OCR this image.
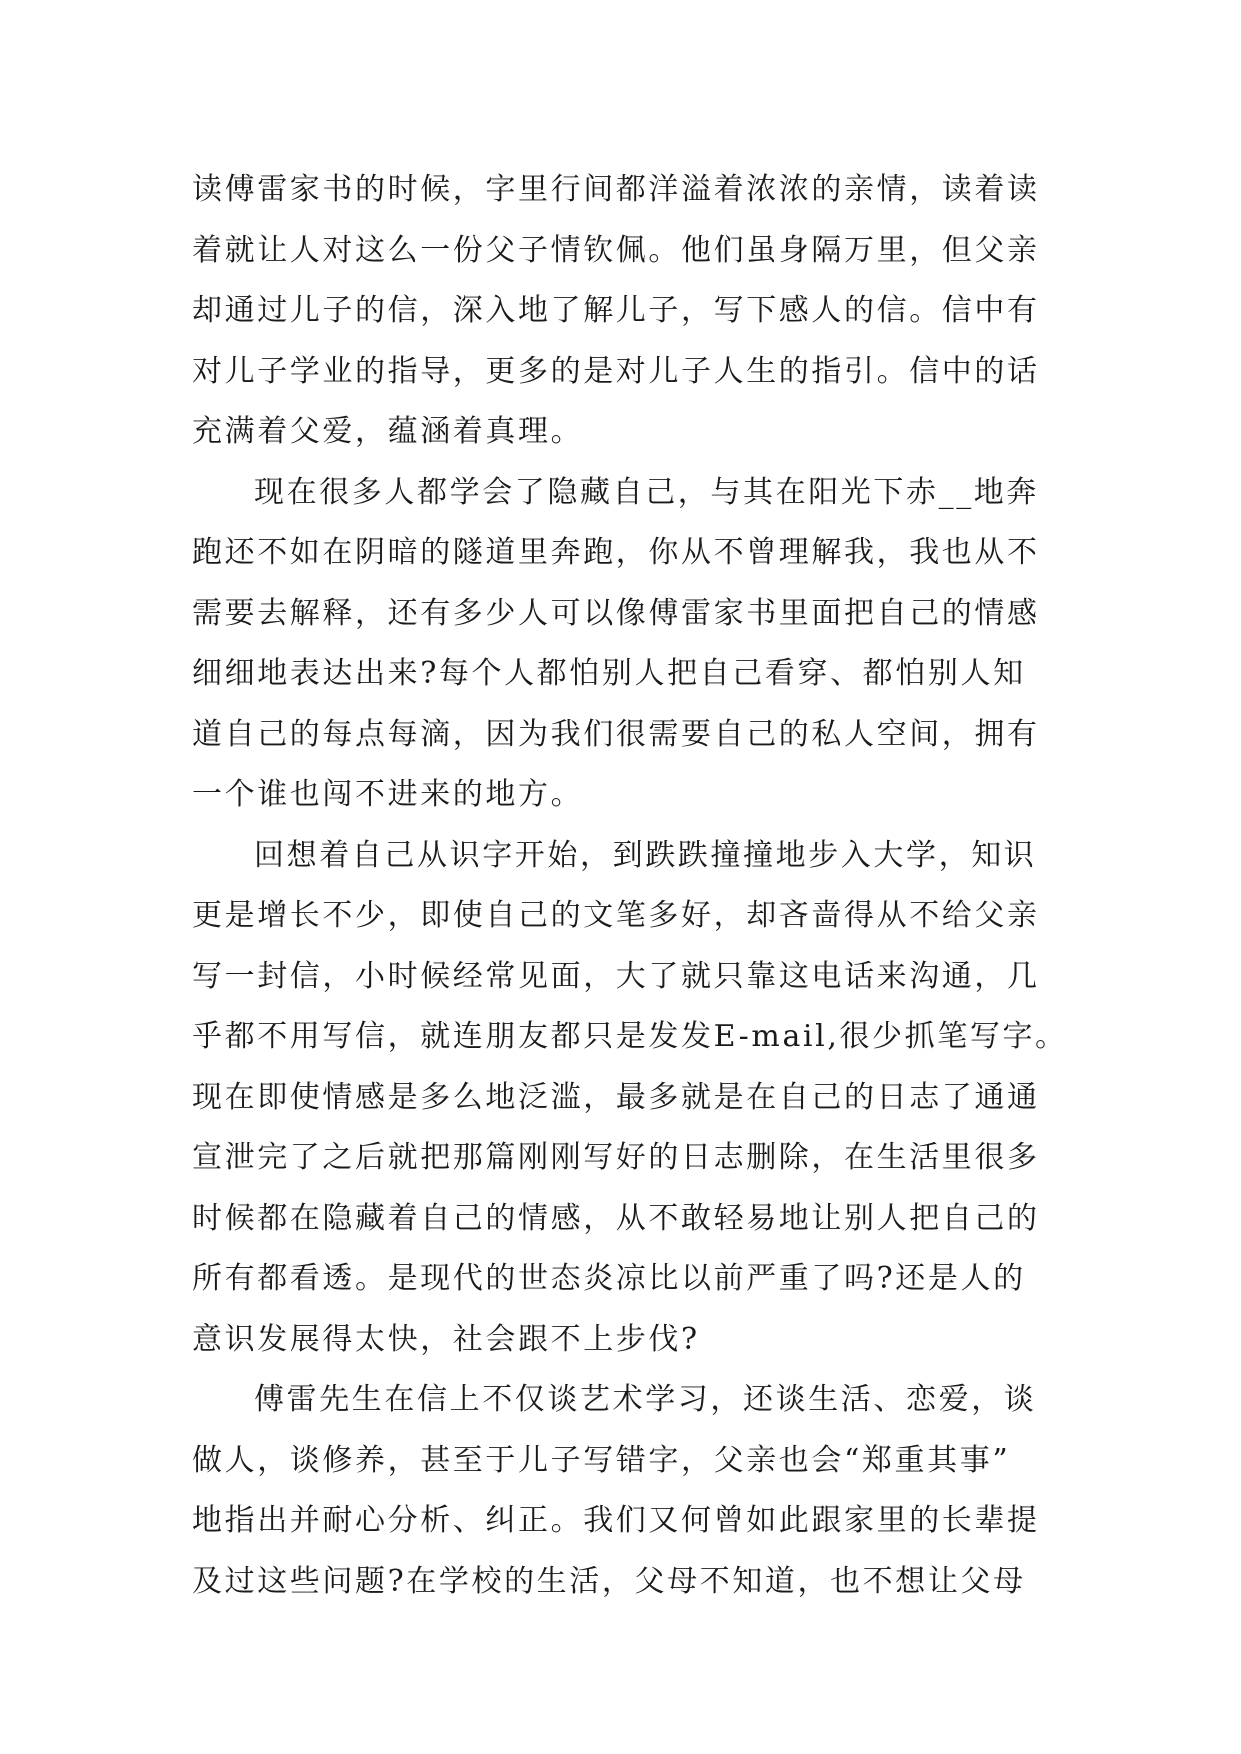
读傅雷家书的时候，字里行间都洋溢着浓浓的亲情，读着读
着就让人对这么一份父子情钦佩。他们虽身隔万里，但父亲
却通过儿子的信，深入地了解儿子，写下感人的信。信中有
对儿子学业的指导，更多的是对儿子人生的指引。信中的话
充满着父爱，蕴涵着真理。
现在很多人都学会了隐藏自己，与其在阳光下赤__地奔
跑还不如在阴暗的隧道里奔跑，你从不曾理解我，我也从不
需要去解释，还有多少人可以像傅雷家书里面把自己的情感
细细地表达出来?每个人都怕别人把自己看穿、都怕别人知
道自己的每点每滴，因为我们很需要自己的私人空间，拥有
一个谁也闯不进来的地方。
回想着自己从识字开始，到跌跌撞撞地步入大学，知识
更是增长不少，即使自己的文笔多好，却吝啬得从不给父亲
写一封信，小时候经常见面，大了就只靠这电话来沟通，几
乎都不用写信，就连朋友都只是发发E-mail,很少抓笔写字。
现在即使情感是多么地泛滥，最多就是在自己的日志了通通
宣泄完了之后就把那篇刚刚写好的日志删除，在生活里很多
时候都在隐藏着自己的情感，从不敢轻易地让别人把自己的
所有都看透。是现代的世态炎凉比以前严重了吗?还是人的
意识发展得太快，社会跟不上步伐?
傅雷先生在信上不仅谈艺术学习，还谈生活、恋爱，谈
做人，谈修养，甚至于儿子写错字，父亲也会“郑重其事”
地指出并耐心分析、纠正。我们又何曾如此跟家里的长辈提
及过这些问题?在学校的生活，父母不知道，也不想让父母
